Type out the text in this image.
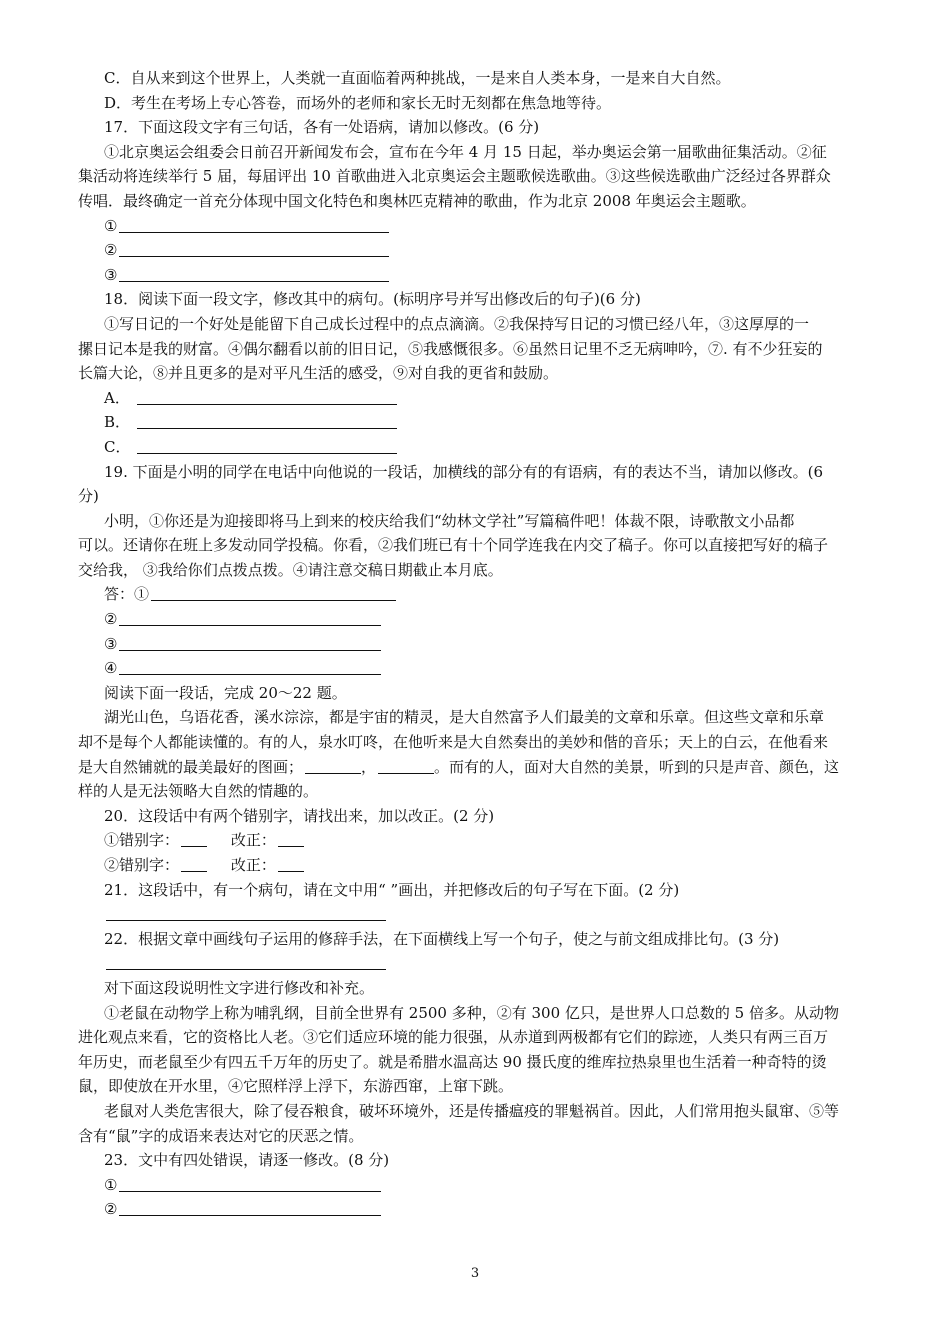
C．自从来到这个世界上，人类就一直面临着两种挑战，一是来自人类本身，一是来自大自然。
D．考生在考场上专心答卷，而场外的老师和家长无时无刻都在焦急地等待。
17．下面这段文字有三句话，各有一处语病，请加以修改。(6 分)
①北京奥运会组委会日前召开新闻发布会，宣布在今年 4 月 15 日起，举办奥运会第一届歌曲征集活动。②征
集活动将连续举行 5 届，每届评出 10 首歌曲进入北京奥运会主题歌候选歌曲。③这些候选歌曲广泛经过各界群众
传唱．最终确定一首充分体现中国文化特色和奥林匹克精神的歌曲，作为北京 2008 年奥运会主题歌。
①
②
③
18．阅读下面一段文字，修改其中的病句。(标明序号并写出修改后的句子)(6 分)
①写日记的一个好处是能留下自己成长过程中的点点滴滴。②我保持写日记的习惯已经八年，③这厚厚的一
摞日记本是我的财富。④偶尔翻看以前的旧日记，⑤我感慨很多。⑥虽然日记里不乏无病呻吟，⑦. 有不少狂妄的
长篇大论，⑧并且更多的是对平凡生活的感受，⑨对自我的更省和鼓励。
A．
B．
C．
19. 下面是小明的同学在电话中向他说的一段话，加横线的部分有的有语病，有的表达不当，请加以修改。(6
分)
小明，①你还是为迎接即将马上到来的校庆给我们“幼林文学社”写篇稿件吧！体裁不限，诗歌散文小品都
可以。还请你在班上多发动同学投稿。你看，②我们班已有十个同学连我在内交了稿子。你可以直接把写好的稿子
交给我， ③我给你们点拨点拨。④请注意交稿日期截止本月底。
答：①
②
③
④
阅读下面一段话，完成 20～22 题。
湖光山色，乌语花香，溪水淙淙，都是宇宙的精灵，是大自然富予人们最美的文章和乐章。但这些文章和乐章
却不是每个人都能读懂的。有的人，泉水叮咚，在他听来是大自然奏出的美妙和偕的音乐；天上的白云，在他看来
是大自然铺就的最美最好的图画；	，	。而有的人，面对大自然的美景，听到的只是声音、颜色，这
样的人是无法领略大自然的情趣的。
20．这段话中有两个错别字，请找出来，加以改正。(2 分)
①错别字：	改正：
②错别字：	改正：
21．这段话中，有一个病句，请在文中用“ ”画出，并把修改后的句子写在下面。(2 分)
22．根据文章中画线句子运用的修辞手法，在下面横线上写一个句子，使之与前文组成排比句。(3 分)
对下面这段说明性文字进行修改和补充。
①老鼠在动物学上称为哺乳纲，目前全世界有 2500 多种，②有 300 亿只，是世界人口总数的 5 倍多。从动物
进化观点来看，它的资格比人老。③它们适应环境的能力很强，从赤道到两极都有它们的踪迹，人类只有两三百万
年历史，而老鼠至少有四五千万年的历史了。就是希腊水温高达 90 摄氏度的维库拉热泉里也生活着一种奇特的烫
鼠，即使放在开水里，④它照样浮上浮下，东游西窜，上窜下跳。
老鼠对人类危害很大，除了侵吞粮食，破坏环境外，还是传播瘟疫的罪魁祸首。因此，人们常用抱头鼠窜、⑤等
含有“鼠”字的成语来表达对它的厌恶之情。
23．文中有四处错误，请逐一修改。(8 分)
①
②
3
